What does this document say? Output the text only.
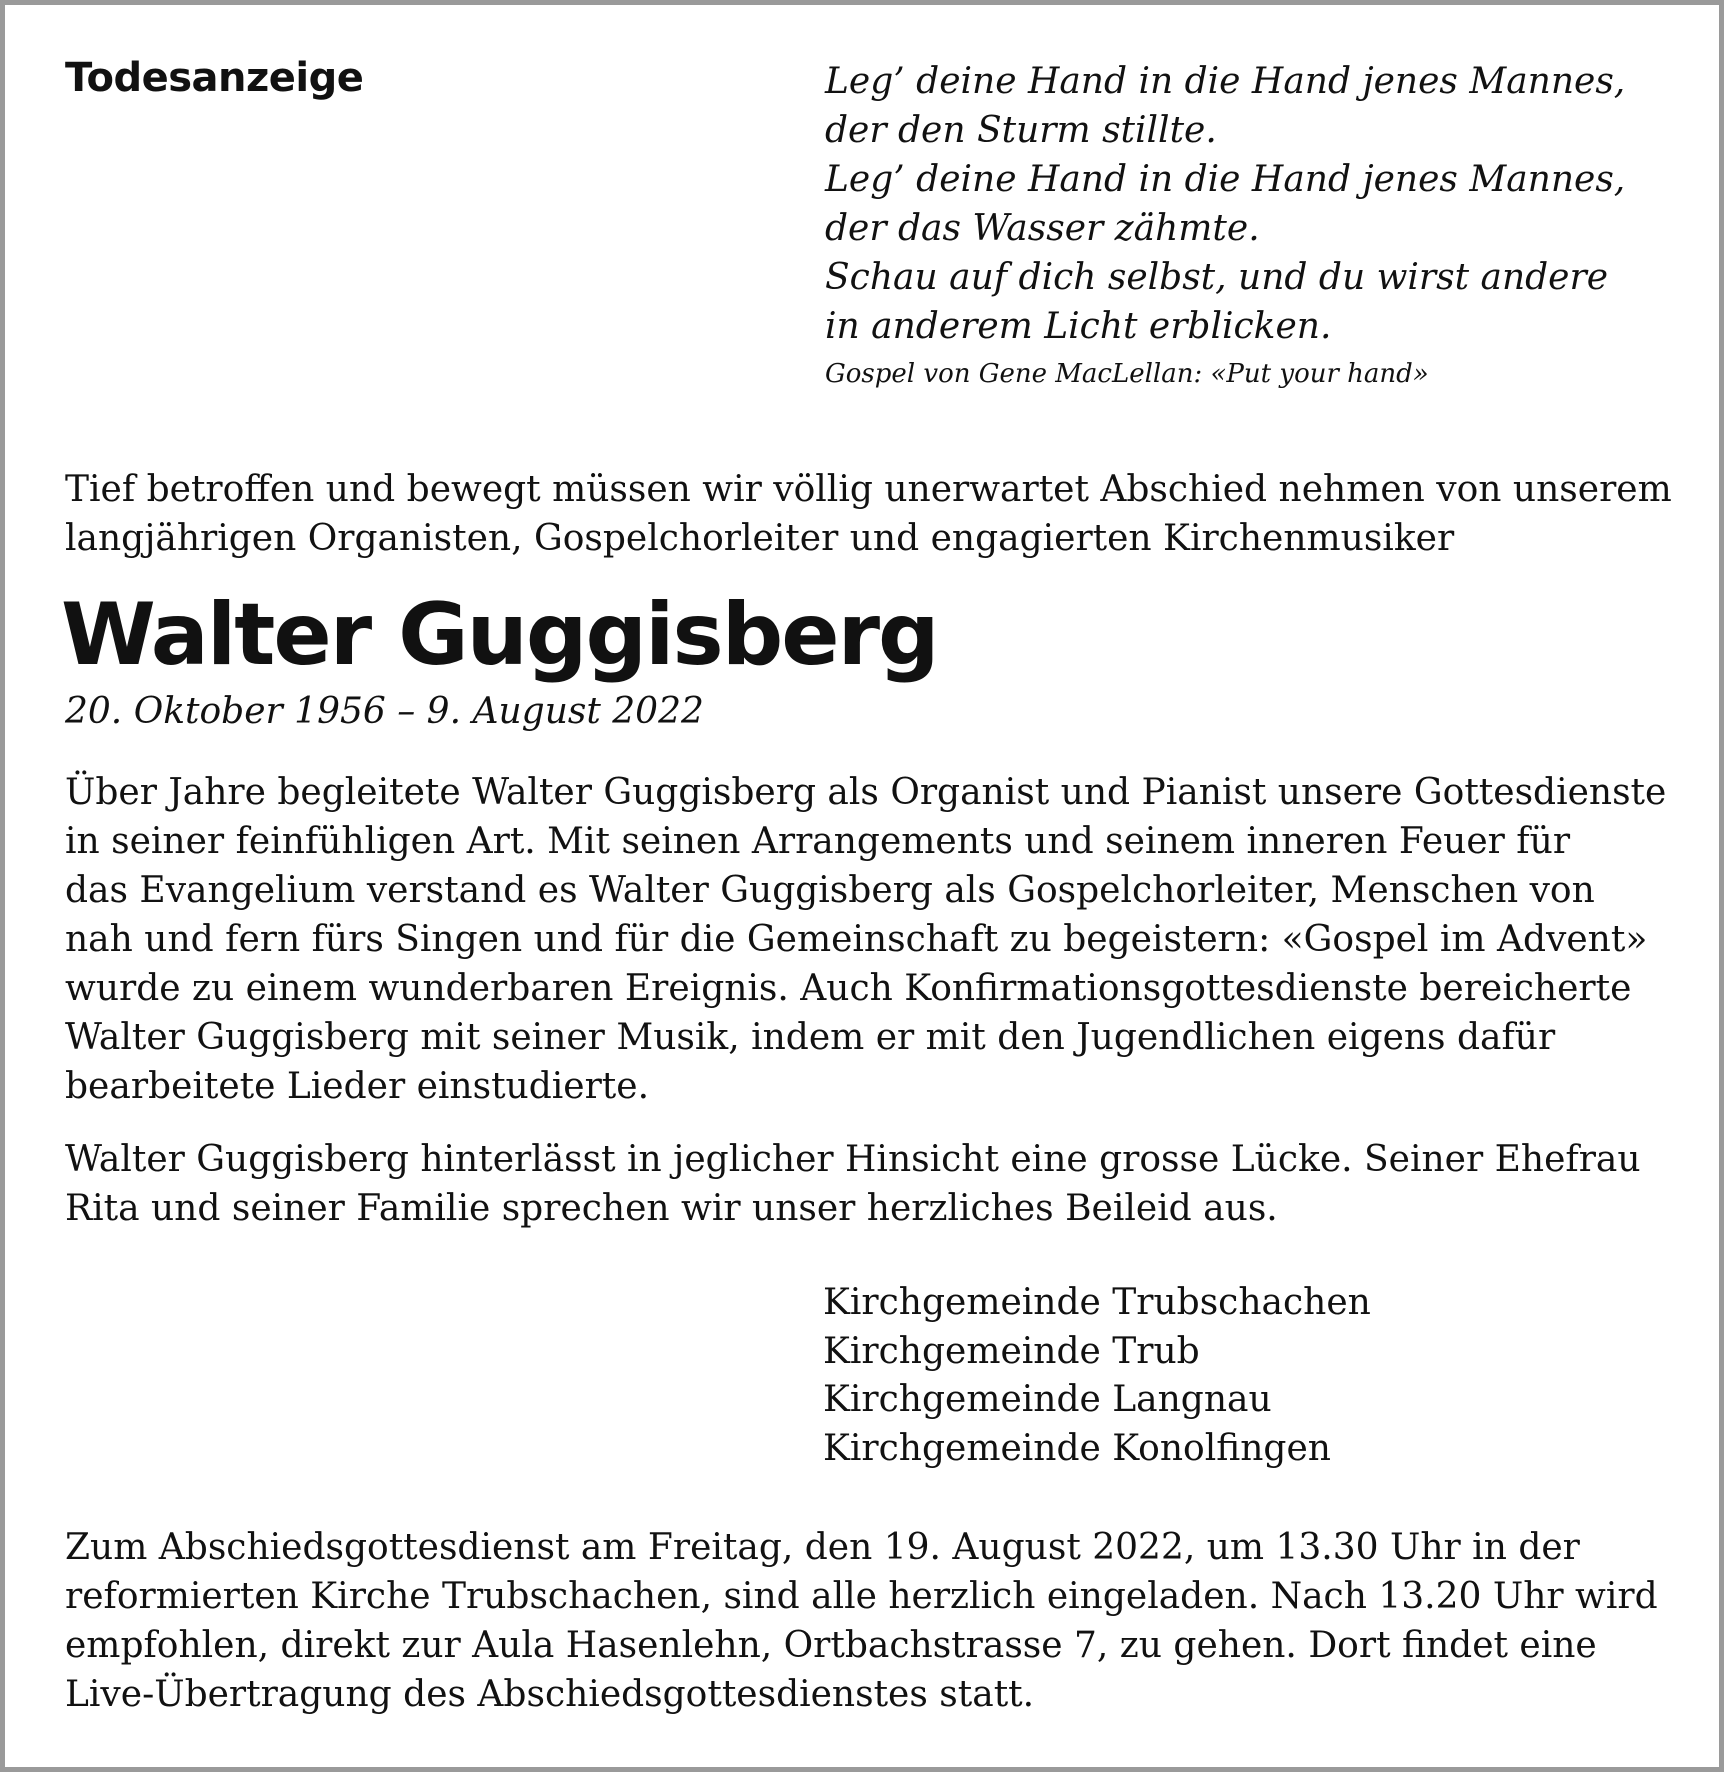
Todesanzeige	Leg’ deine Hand in die Hand jenes Mannes,
der den Sturm stillte.
Leg’ deine Hand in die Hand jenes Mannes,
der das Wasser zähmte.
Schau auf dich selbst, und du wirst andere
in anderem Licht erblicken.
Gospel von Gene MacLellan: «Put your hand»
Tief betroffen und bewegt müssen wir völlig unerwartet Abschied nehmen von unserem
langjährigen Organisten, Gospelchorleiter und engagierten Kirchenmusiker
Walter Guggisberg
20. Oktober 1956 – 9. August 2022
Über Jahre begleitete Walter Guggisberg als Organist und Pianist unsere Gottesdienste
in seiner feinfühligen Art. Mit seinen Arrangements und seinem inneren Feuer für
das Evangelium verstand es Walter Guggisberg als Gospelchorleiter, Menschen von
nah und fern fürs Singen und für die Gemeinschaft zu begeistern: «Gospel im Advent»
wurde zu einem wunderbaren Ereignis. Auch Konfirmationsgottesdienste bereicherte
Walter Guggisberg mit seiner Musik, indem er mit den Jugendlichen eigens dafür
bearbeitete Lieder einstudierte.
Walter Guggisberg hinterlässt in jeglicher Hinsicht eine grosse Lücke. Seiner Ehefrau
Rita und seiner Familie sprechen wir unser herzliches Beileid aus.
Kirchgemeinde Trubschachen
Kirchgemeinde Trub
Kirchgemeinde Langnau
Kirchgemeinde Konolfingen
Zum Abschiedsgottesdienst am Freitag, den 19. August 2022, um 13.30 Uhr in der
reformierten Kirche Trubschachen, sind alle herzlich eingeladen. Nach 13.20 Uhr wird
empfohlen, direkt zur Aula Hasenlehn, Ortbachstrasse 7, zu gehen. Dort findet eine
Live-Übertragung des Abschiedsgottesdienstes statt.
